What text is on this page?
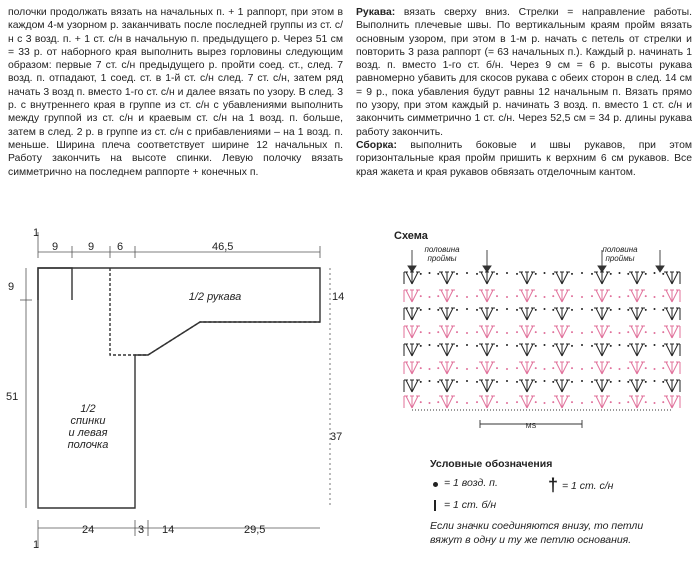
полочки продолжать вязать на начальных п. + 1 раппорт, при этом в каждом 4-м узорном р. заканчивать после последней группы из ст. с/н с 3 возд. п. + 1 ст. с/н в начальную п. предыдущего р. Через 51 см = 33 р. от наборного края выполнить вырез горловины следующим образом: первые 7 ст. с/н предыдущего р. пройти соед. ст., след. 7 возд. п. отпадают, 1 соед. ст. в 1-й ст. с/н след. 7 ст. с/н, затем ряд начать 3 возд п. вместо 1-го ст. с/н и далее вязать по узору. В след. 3 р. с внутреннего края в группе из ст. с/н с убавлениями выполнить между группой из ст. с/н и краевым ст. с/н на 1 возд. п. больше, затем в след. 2 р. в группе из ст. с/н с прибавлениями – на 1 возд. п. меньше. Ширина плеча соответствует ширине 12 начальных п. Работу закончить на высоте спинки. Левую полочку вязать симметрично на последнем раппорте + конечных п.

Рукава: вязать сверху вниз. Стрелки = направление работы. Выполнить плечевые швы. По вертикальным краям пройм вязать основным узором, при этом в 1-м р. начать с петель от стрелки и повторить 3 раза раппорт (= 63 начальных п.). Каждый р. начинать 1 возд. п. вместо 1-го ст. б/н. Через 9 см = 6 р. высоты рукава равномерно убавить для скосов рукава с обеих сторон в след. 14 см = 9 р., пока убавления будут равны 12 начальным п. Вязать прямо по узору, при этом каждый р. начинать 3 возд. п. вместо 1 ст. с/н и закончить симметрично 1 ст. с/н. Через 52,5 см = 34 р. длины рукава работу закончить.

Сборка: выполнить боковые и швы рукавов, при этом горизонтальные края пройм пришить к верхним 6 см рукавов. Все края жакета и края рукавов обвязать отделочным кантом.

9	9 6	46,5
9
51
14
37
24	3 14	29,5
1
1
1/2 рукава
1/2
спинки
и левая
полочка
Схема
половина
проймы
половина
проймы
MS
Условные обозначения
= 1 возд. п.	† = 1 ст. с/н
= 1 ст. б/н
Если значки соединяются внизу, то петли
вяжут в одну и ту же петлю основания.
